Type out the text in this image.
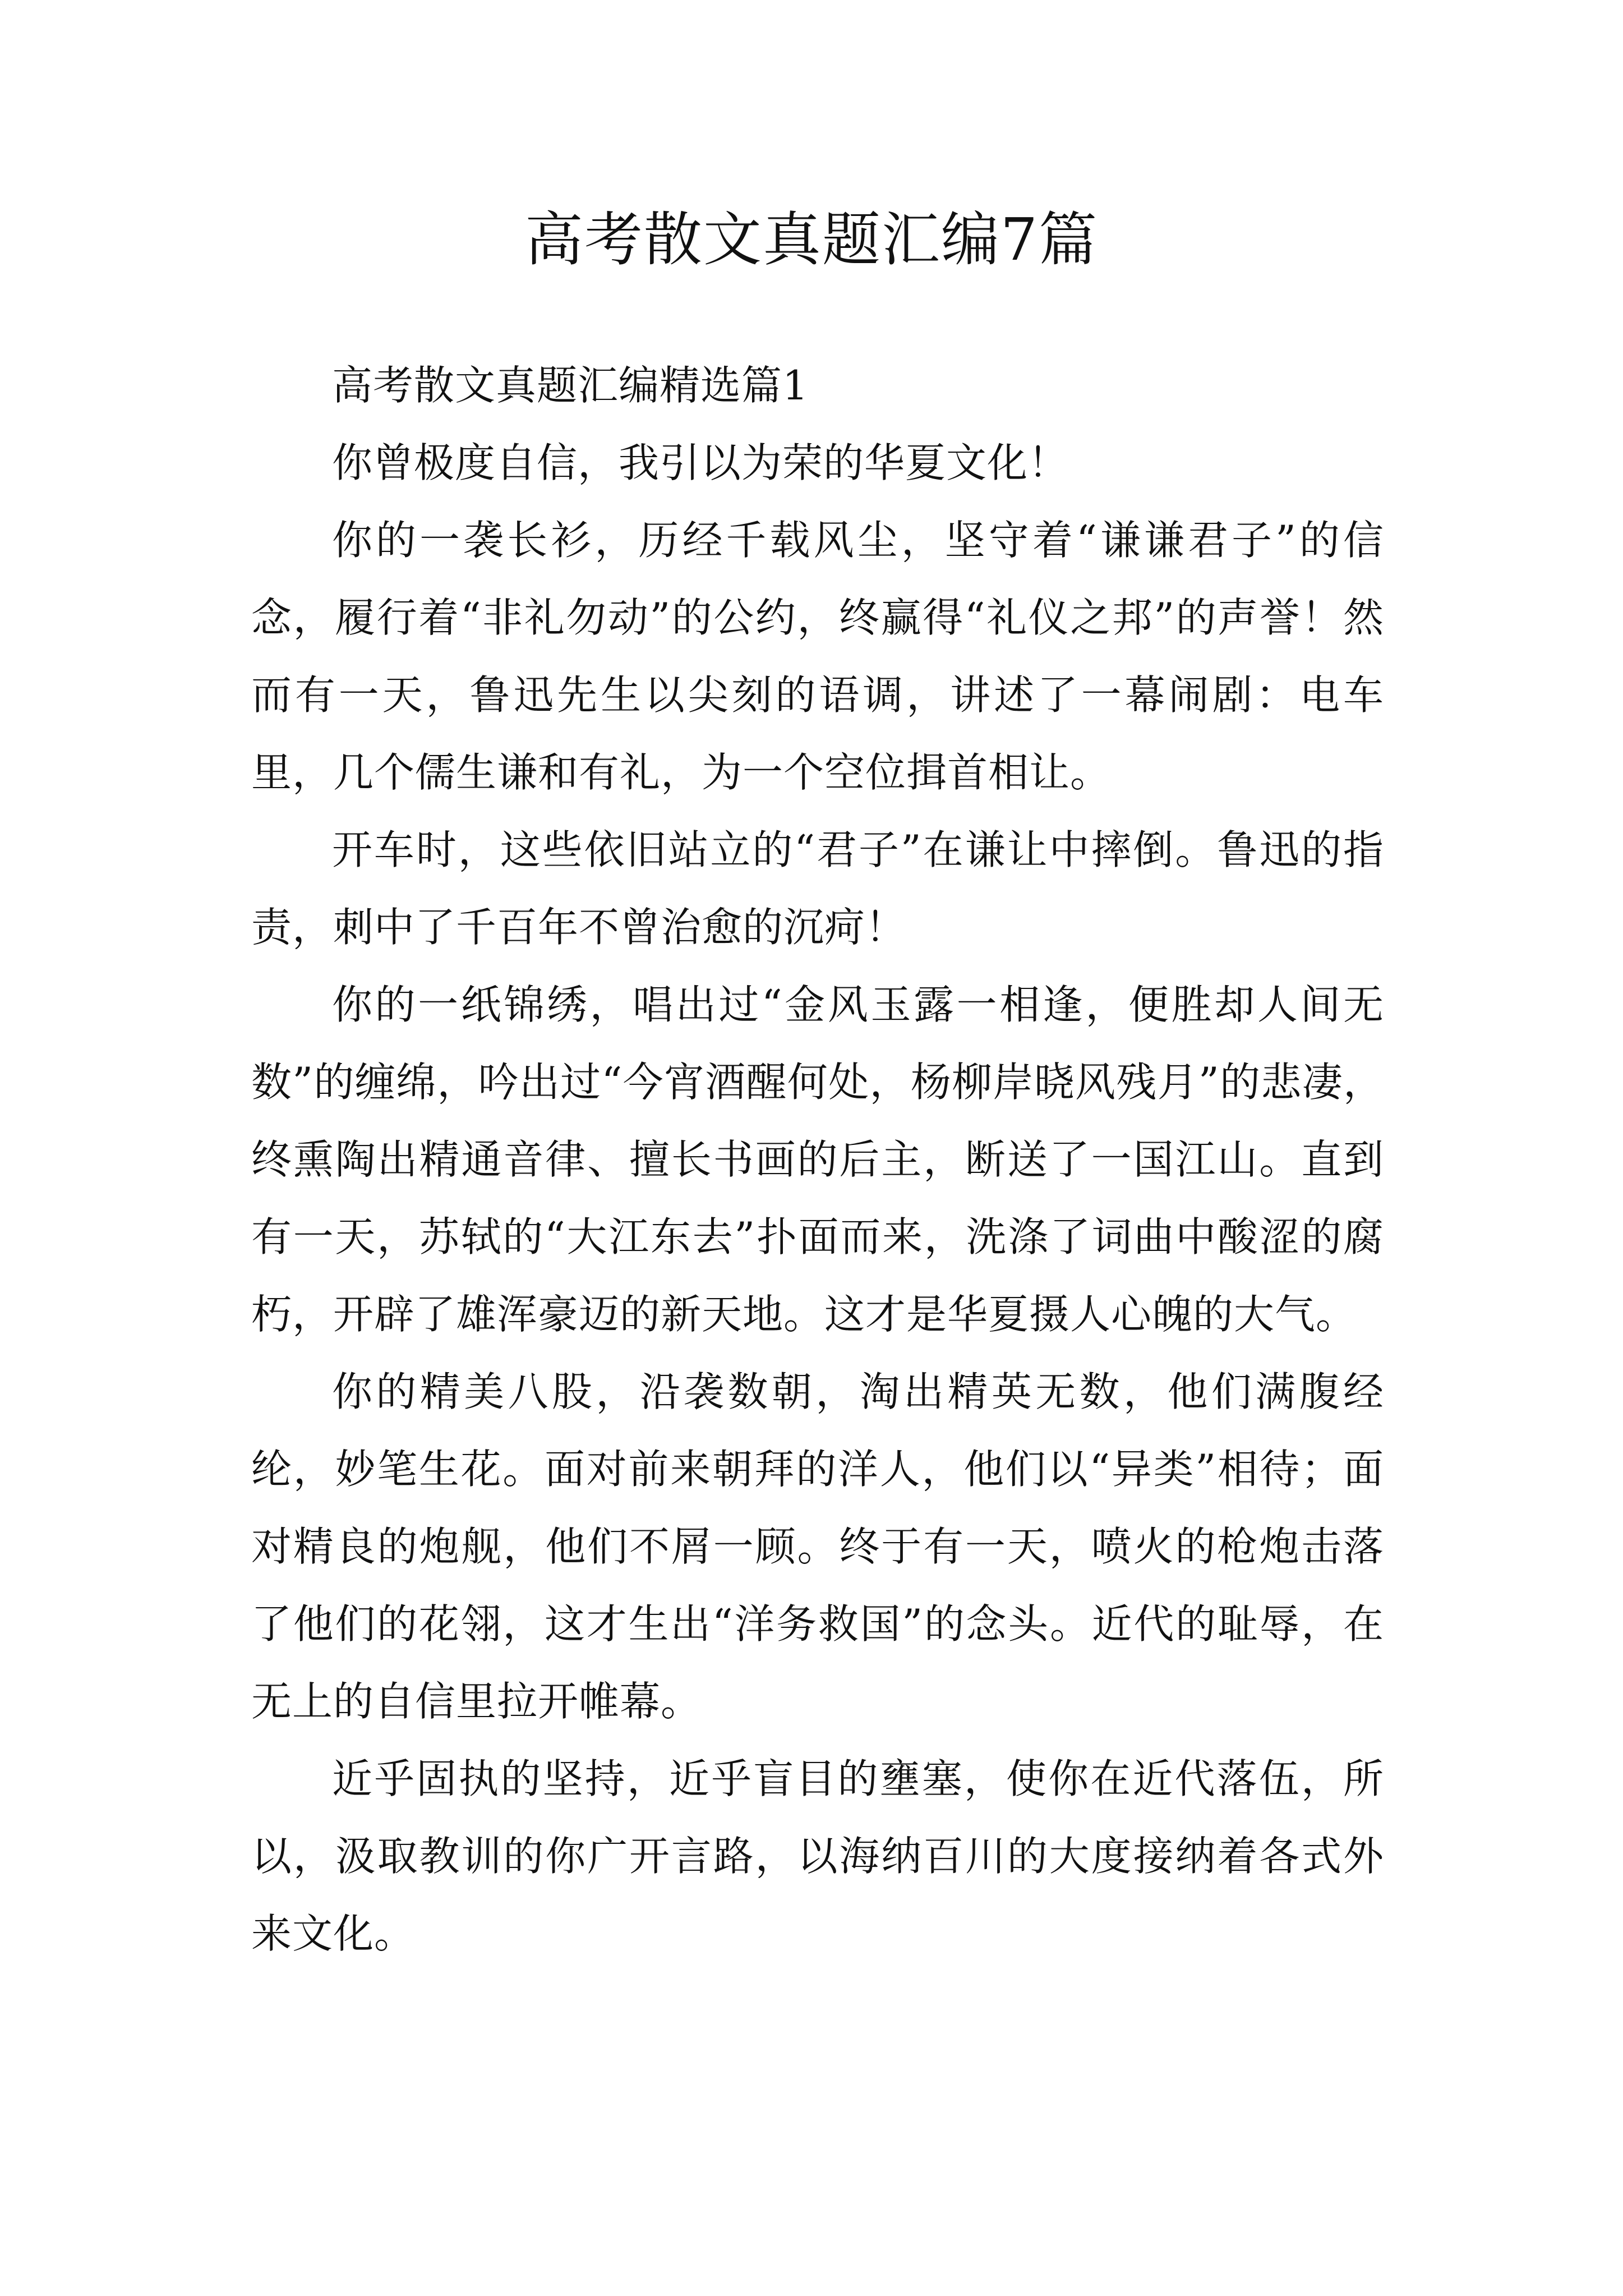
高考散文真题汇编7篇

高考散文真题汇编精选篇1

你曾极度自信，我引以为荣的华夏文化！

你的一袭长衫，历经千载风尘，坚守着“谦谦君子”的信念，履行着“非礼勿动”的公约，终赢得“礼仪之邦”的声誉！然而有一天，鲁迅先生以尖刻的语调，讲述了一幕闹剧：电车里，几个儒生谦和有礼，为一个空位揖首相让。

开车时，这些依旧站立的“君子”在谦让中摔倒。鲁迅的指责，刺中了千百年不曾治愈的沉疴！

你的一纸锦绣，唱出过“金风玉露一相逢，便胜却人间无数”的缠绵，吟出过“今宵酒醒何处，杨柳岸晓风残月”的悲凄，终熏陶出精通音律、擅长书画的后主，断送了一国江山。直到有一天，苏轼的“大江东去”扑面而来，洗涤了词曲中酸涩的腐朽，开辟了雄浑豪迈的新天地。这才是华夏摄人心魄的大气。

你的精美八股，沿袭数朝，淘出精英无数，他们满腹经纶，妙笔生花。面对前来朝拜的洋人，他们以“异类”相待；面对精良的炮舰，他们不屑一顾。终于有一天，喷火的枪炮击落了他们的花翎，这才生出“洋务救国”的念头。近代的耻辱，在无上的自信里拉开帷幕。

近乎固执的坚持，近乎盲目的壅塞，使你在近代落伍，所以，汲取教训的你广开言路，以海纳百川的大度接纳着各式外来文化。
